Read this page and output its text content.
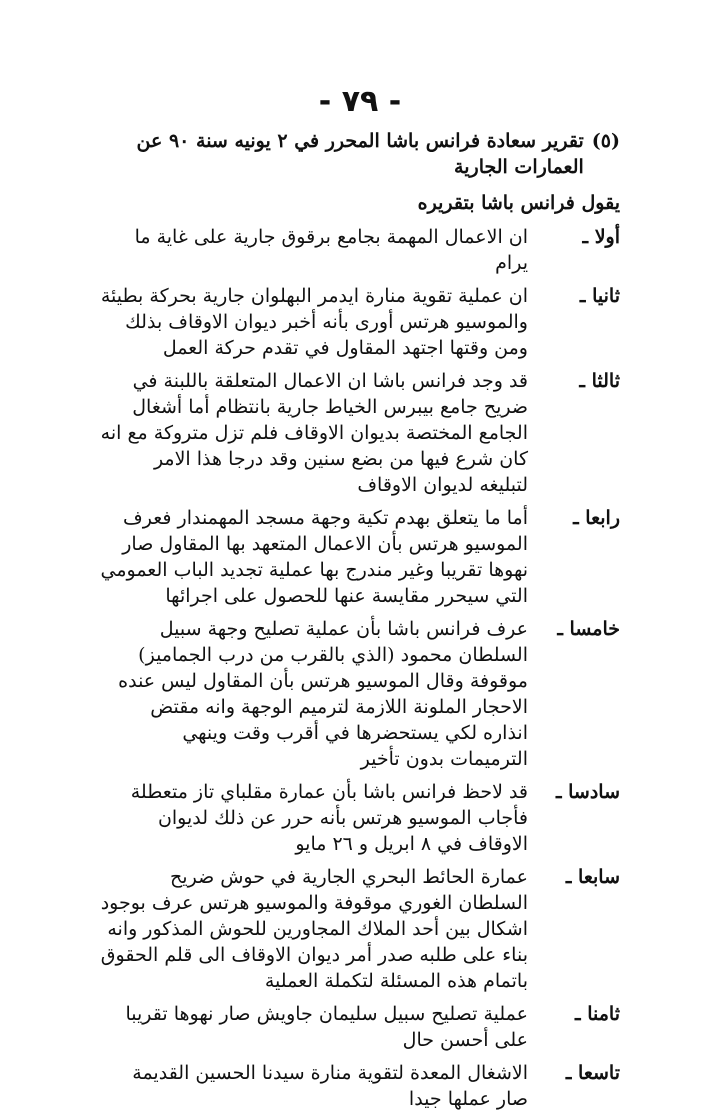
- ٧٩ -
(٥)
تقرير سعادة فرانس باشا المحرر في ٢ يونيه سنة ٩٠ عن العمارات الجارية
يقول فرانس باشا بتقريره
أولا ـ
ان الاعمال المهمة بجامع برقوق جارية على غاية ما يرام
ثانيا ـ
ان عملية تقوية منارة ايدمر البهلوان جارية بحركة بطيئة والموسيو هرتس أورى بأنه أخبر ديوان الاوقاف بذلك ومن وقتها اجتهد المقاول في تقدم حركة العمل
ثالثا ـ
قد وجد فرانس باشا ان الاعمال المتعلقة باللبنة في ضريح جامع بيبرس الخياط جارية بانتظام أما أشغال الجامع المختصة بديوان الاوقاف فلم تزل متروكة مع انه كان شرع فيها من بضع سنين وقد درجا هذا الامر لتبليغه لديوان الاوقاف
رابعا ـ
أما ما يتعلق بهدم تكية وجهة مسجد المهمندار فعرف الموسيو هرتس بأن الاعمال المتعهد بها المقاول صار نهوها تقريبا وغير مندرج بها عملية تجديد الباب العمومي التي سيحرر مقايسة عنها للحصول على اجرائها
خامسا ـ
عرف فرانس باشا بأن عملية تصليح وجهة سبيل السلطان محمود (الذي بالقرب من درب الجماميز) موقوفة وقال الموسيو هرتس بأن المقاول ليس عنده الاحجار الملونة اللازمة لترميم الوجهة وانه مقتض انذاره لكي يستحضرها في أقرب وقت وينهي الترميمات بدون تأخير
سادسا ـ
قد لاحظ فرانس باشا بأن عمارة مقلباي تاز متعطلة فأجاب الموسيو هرتس بأنه حرر عن ذلك لديوان الاوقاف في ٨ ابريل و ٢٦ مايو
سابعا ـ
عمارة الحائط البحري الجارية في حوش ضريح السلطان الغوري موقوفة والموسيو هرتس عرف بوجود اشكال بين أحد الملاك المجاورين للحوش المذكور وانه بناء على طلبه صدر أمر ديوان الاوقاف الى قلم الحقوق باتمام هذه المسئلة لتكملة العملية
ثامنا ـ
عملية تصليح سبيل سليمان جاويش صار نهوها تقريبا على أحسن حال
تاسعا ـ
الاشغال المعدة لتقوية منارة سيدنا الحسين القديمة صار عملها جيدا
